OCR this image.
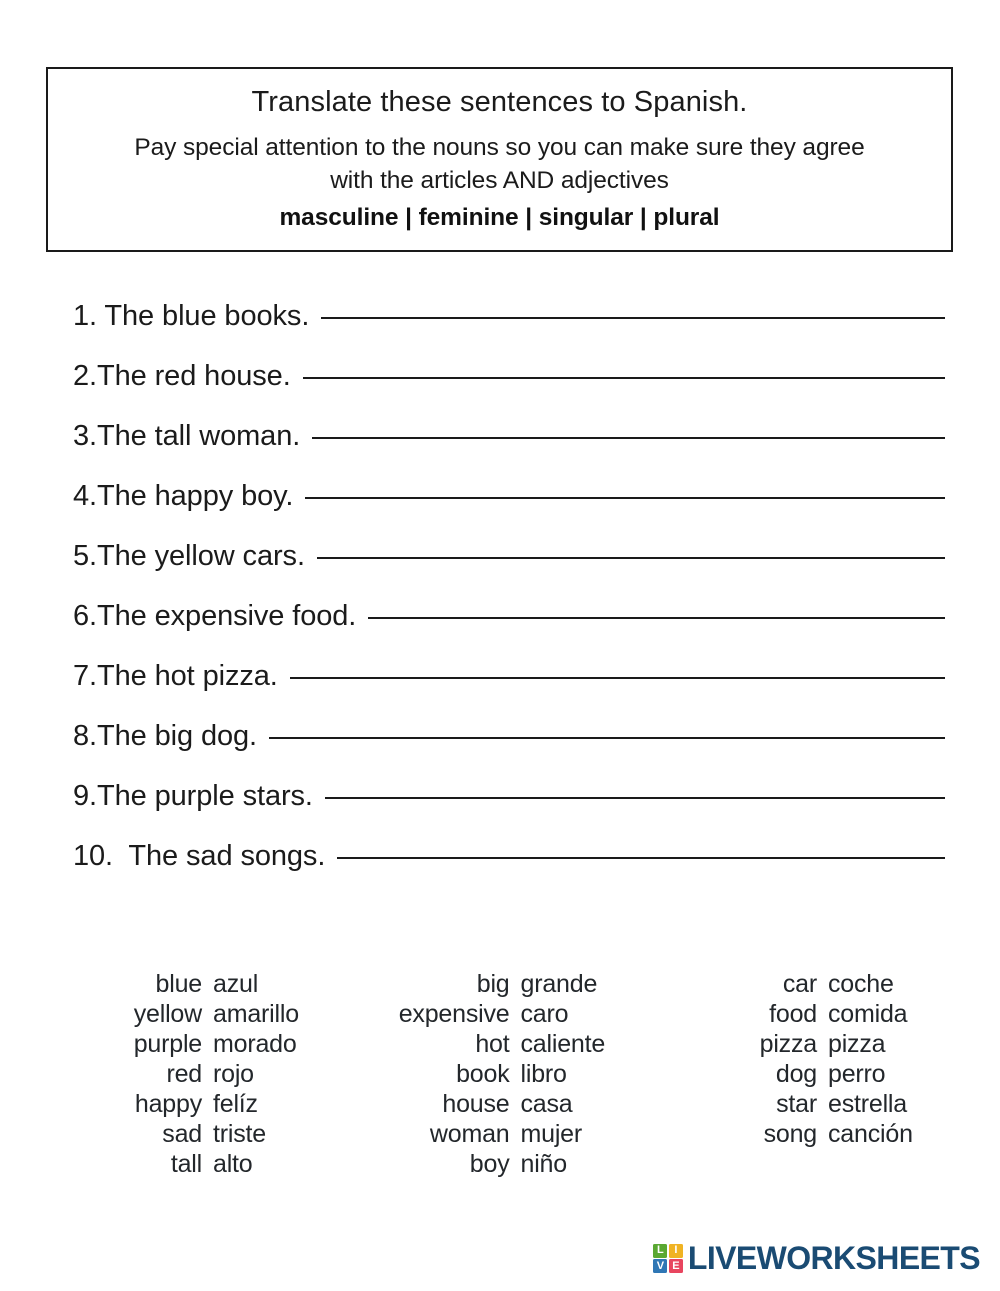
Translate these sentences to Spanish.
Pay special attention to the nouns so you can make sure they agree
with the articles AND adjectives
masculine | feminine | singular | plural
1. The blue books.
2.The red house.
3.The tall woman.
4.The happy boy.
5.The yellow cars.
6.The expensive food.
7.The hot pizza.
8.The big dog.
9.The purple stars.
10.  The sad songs.
blue azul
yellow amarillo
purple morado
red rojo
happy felíz
sad triste
tall alto
big grande
expensive caro
hot caliente
book libro
house casa
woman mujer
boy niño
car coche
food comida
pizza pizza
dog perro
star estrella
song canción
L I
V E LIVEWORKSHEETS
